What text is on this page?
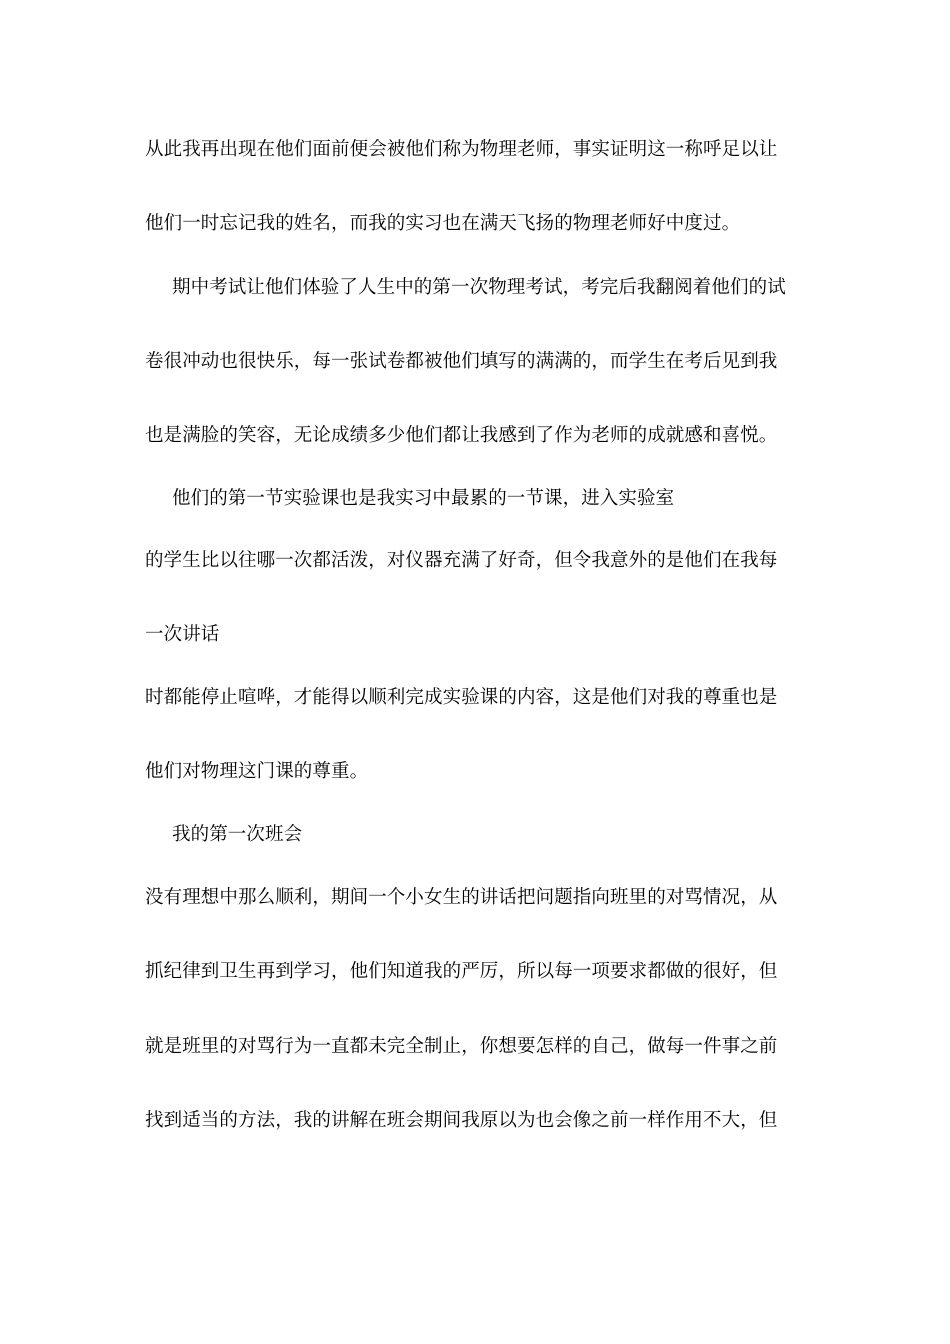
从此我再出现在他们面前便会被他们称为物理老师，事实证明这一称呼足以让
他们一时忘记我的姓名，而我的实习也在满天飞扬的物理老师好中度过。
期中考试让他们体验了人生中的第一次物理考试，考完后我翻阅着他们的试
卷很冲动也很快乐，每一张试卷都被他们填写的满满的，而学生在考后见到我
也是满脸的笑容，无论成绩多少他们都让我感到了作为老师的成就感和喜悦。
他们的第一节实验课也是我实习中最累的一节课，进入实验室
的学生比以往哪一次都活泼，对仪器充满了好奇，但令我意外的是他们在我每
一次讲话
时都能停止喧哗，才能得以顺利完成实验课的内容，这是他们对我的尊重也是
他们对物理这门课的尊重。
我的第一次班会
没有理想中那么顺利，期间一个小女生的讲话把问题指向班里的对骂情况，从
抓纪律到卫生再到学习，他们知道我的严厉，所以每一项要求都做的很好，但
就是班里的对骂行为一直都未完全制止，你想要怎样的自己，做每一件事之前
找到适当的方法，我的讲解在班会期间我原以为也会像之前一样作用不大，但
